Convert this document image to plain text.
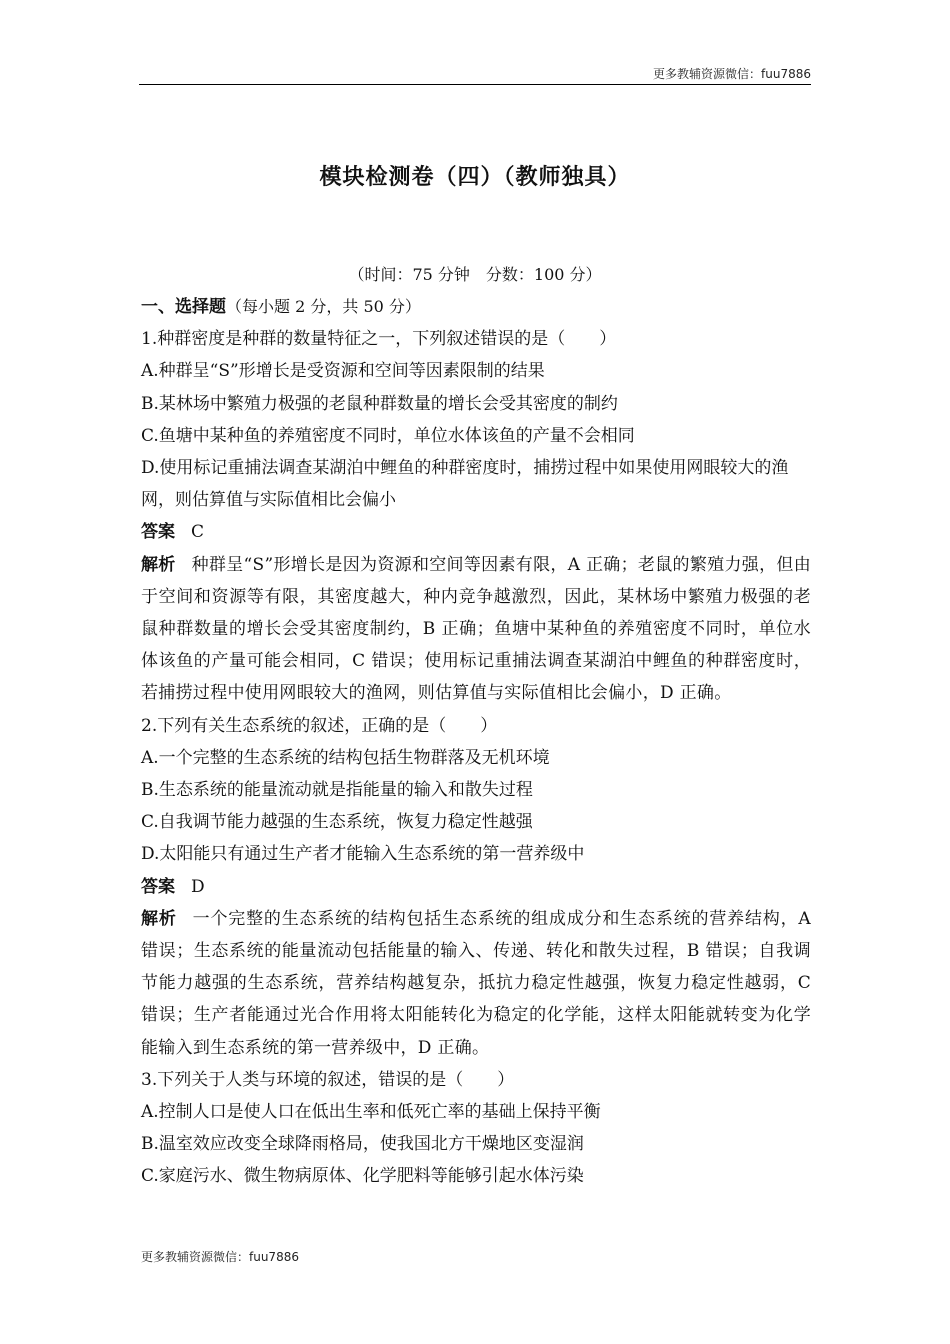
更多教辅资源微信：fuu7886
模块检测卷（四）（教师独具）
（时间：75 分钟　分数：100 分）

一、选择题（每小题 2 分，共 50 分）

1.种群密度是种群的数量特征之一，下列叙述错误的是（　　）

A.种群呈“S”形增长是受资源和空间等因素限制的结果

B.某林场中繁殖力极强的老鼠种群数量的增长会受其密度的制约

C.鱼塘中某种鱼的养殖密度不同时，单位水体该鱼的产量不会相同

D.使用标记重捕法调查某湖泊中鲤鱼的种群密度时，捕捞过程中如果使用网眼较大的渔网，则估算值与实际值相比会偏小

答案 C

解析 种群呈“S”形增长是因为资源和空间等因素有限，A 正确；老鼠的繁殖力强，但由于空间和资源等有限，其密度越大，种内竞争越激烈，因此，某林场中繁殖力极强的老鼠种群数量的增长会受其密度制约，B 正确；鱼塘中某种鱼的养殖密度不同时，单位水体该鱼的产量可能会相同，C 错误；使用标记重捕法调查某湖泊中鲤鱼的种群密度时，若捕捞过程中使用网眼较大的渔网，则估算值与实际值相比会偏小，D 正确。

2.下列有关生态系统的叙述，正确的是（　　）

A.一个完整的生态系统的结构包括生物群落及无机环境

B.生态系统的能量流动就是指能量的输入和散失过程

C.自我调节能力越强的生态系统，恢复力稳定性越强

D.太阳能只有通过生产者才能输入生态系统的第一营养级中

答案 D

解析 一个完整的生态系统的结构包括生态系统的组成成分和生态系统的营养结构，A 错误；生态系统的能量流动包括能量的输入、传递、转化和散失过程，B 错误；自我调节能力越强的生态系统，营养结构越复杂，抵抗力稳定性越强，恢复力稳定性越弱，C 错误；生产者能通过光合作用将太阳能转化为稳定的化学能，这样太阳能就转变为化学能输入到生态系统的第一营养级中，D 正确。

3.下列关于人类与环境的叙述，错误的是（　　）

A.控制人口是使人口在低出生率和低死亡率的基础上保持平衡

B.温室效应改变全球降雨格局，使我国北方干燥地区变湿润

C.家庭污水、微生物病原体、化学肥料等能够引起水体污染

更多教辅资源微信：fuu7886
